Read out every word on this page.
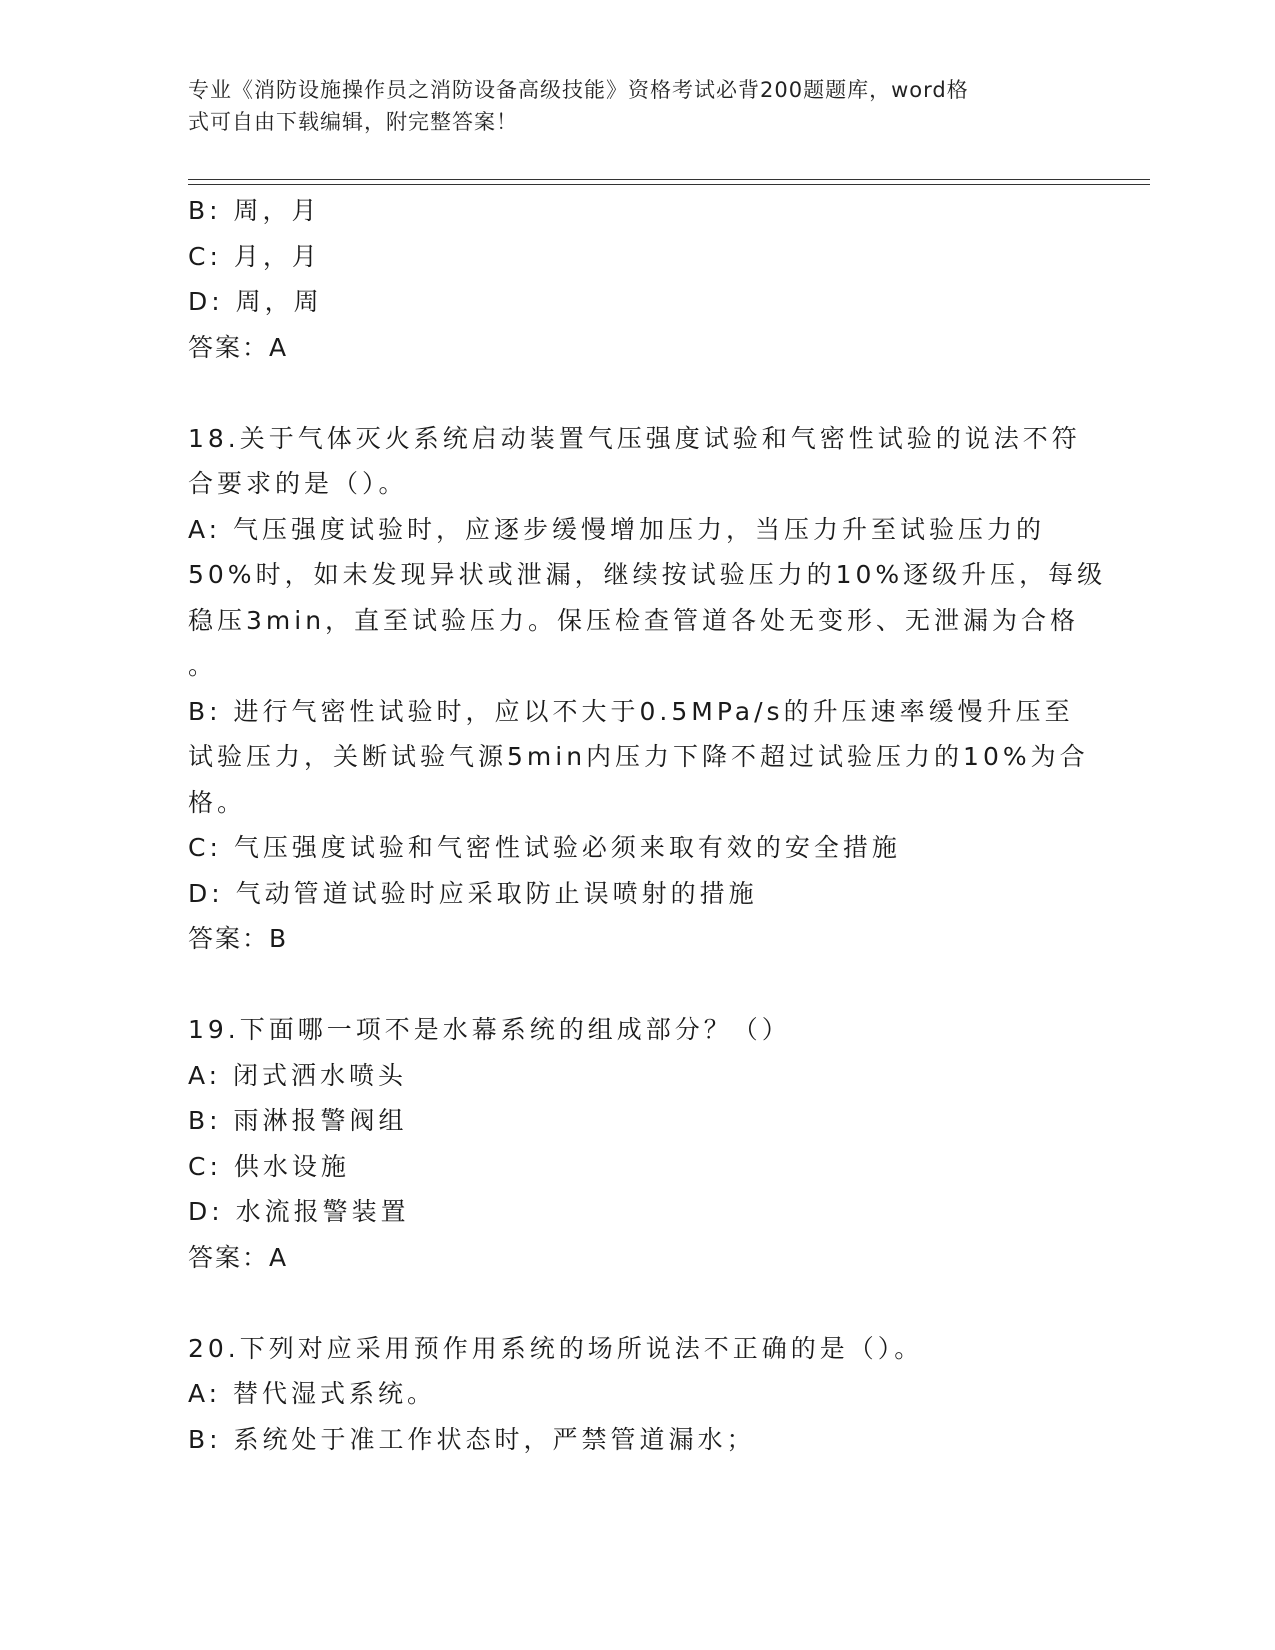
专业《消防设施操作员之消防设备高级技能》资格考试必背200题题库，word格
式可自由下载编辑，附完整答案！
B: 周，月
C: 月，月
D: 周，周
答案：A
18.关于气体灭火系统启动装置气压强度试验和气密性试验的说法不符
合要求的是（）。
A: 气压强度试验时，应逐步缓慢增加压力，当压力升至试验压力的
50%时，如未发现异状或泄漏，继续按试验压力的10%逐级升压，每级
稳压3min，直至试验压力。保压检查管道各处无变形、无泄漏为合格
。
B: 进行气密性试验时，应以不大于0.5MPa/s的升压速率缓慢升压至
试验压力，关断试验气源5min内压力下降不超过试验压力的10%为合
格。
C: 气压强度试验和气密性试验必须来取有效的安全措施
D: 气动管道试验时应采取防止误喷射的措施
答案：B
19.下面哪一项不是水幕系统的组成部分？（）
A: 闭式洒水喷头
B: 雨淋报警阀组
C: 供水设施
D: 水流报警装置
答案：A
20.下列对应采用预作用系统的场所说法不正确的是（）。
A: 替代湿式系统。
B: 系统处于准工作状态时，严禁管道漏水；
